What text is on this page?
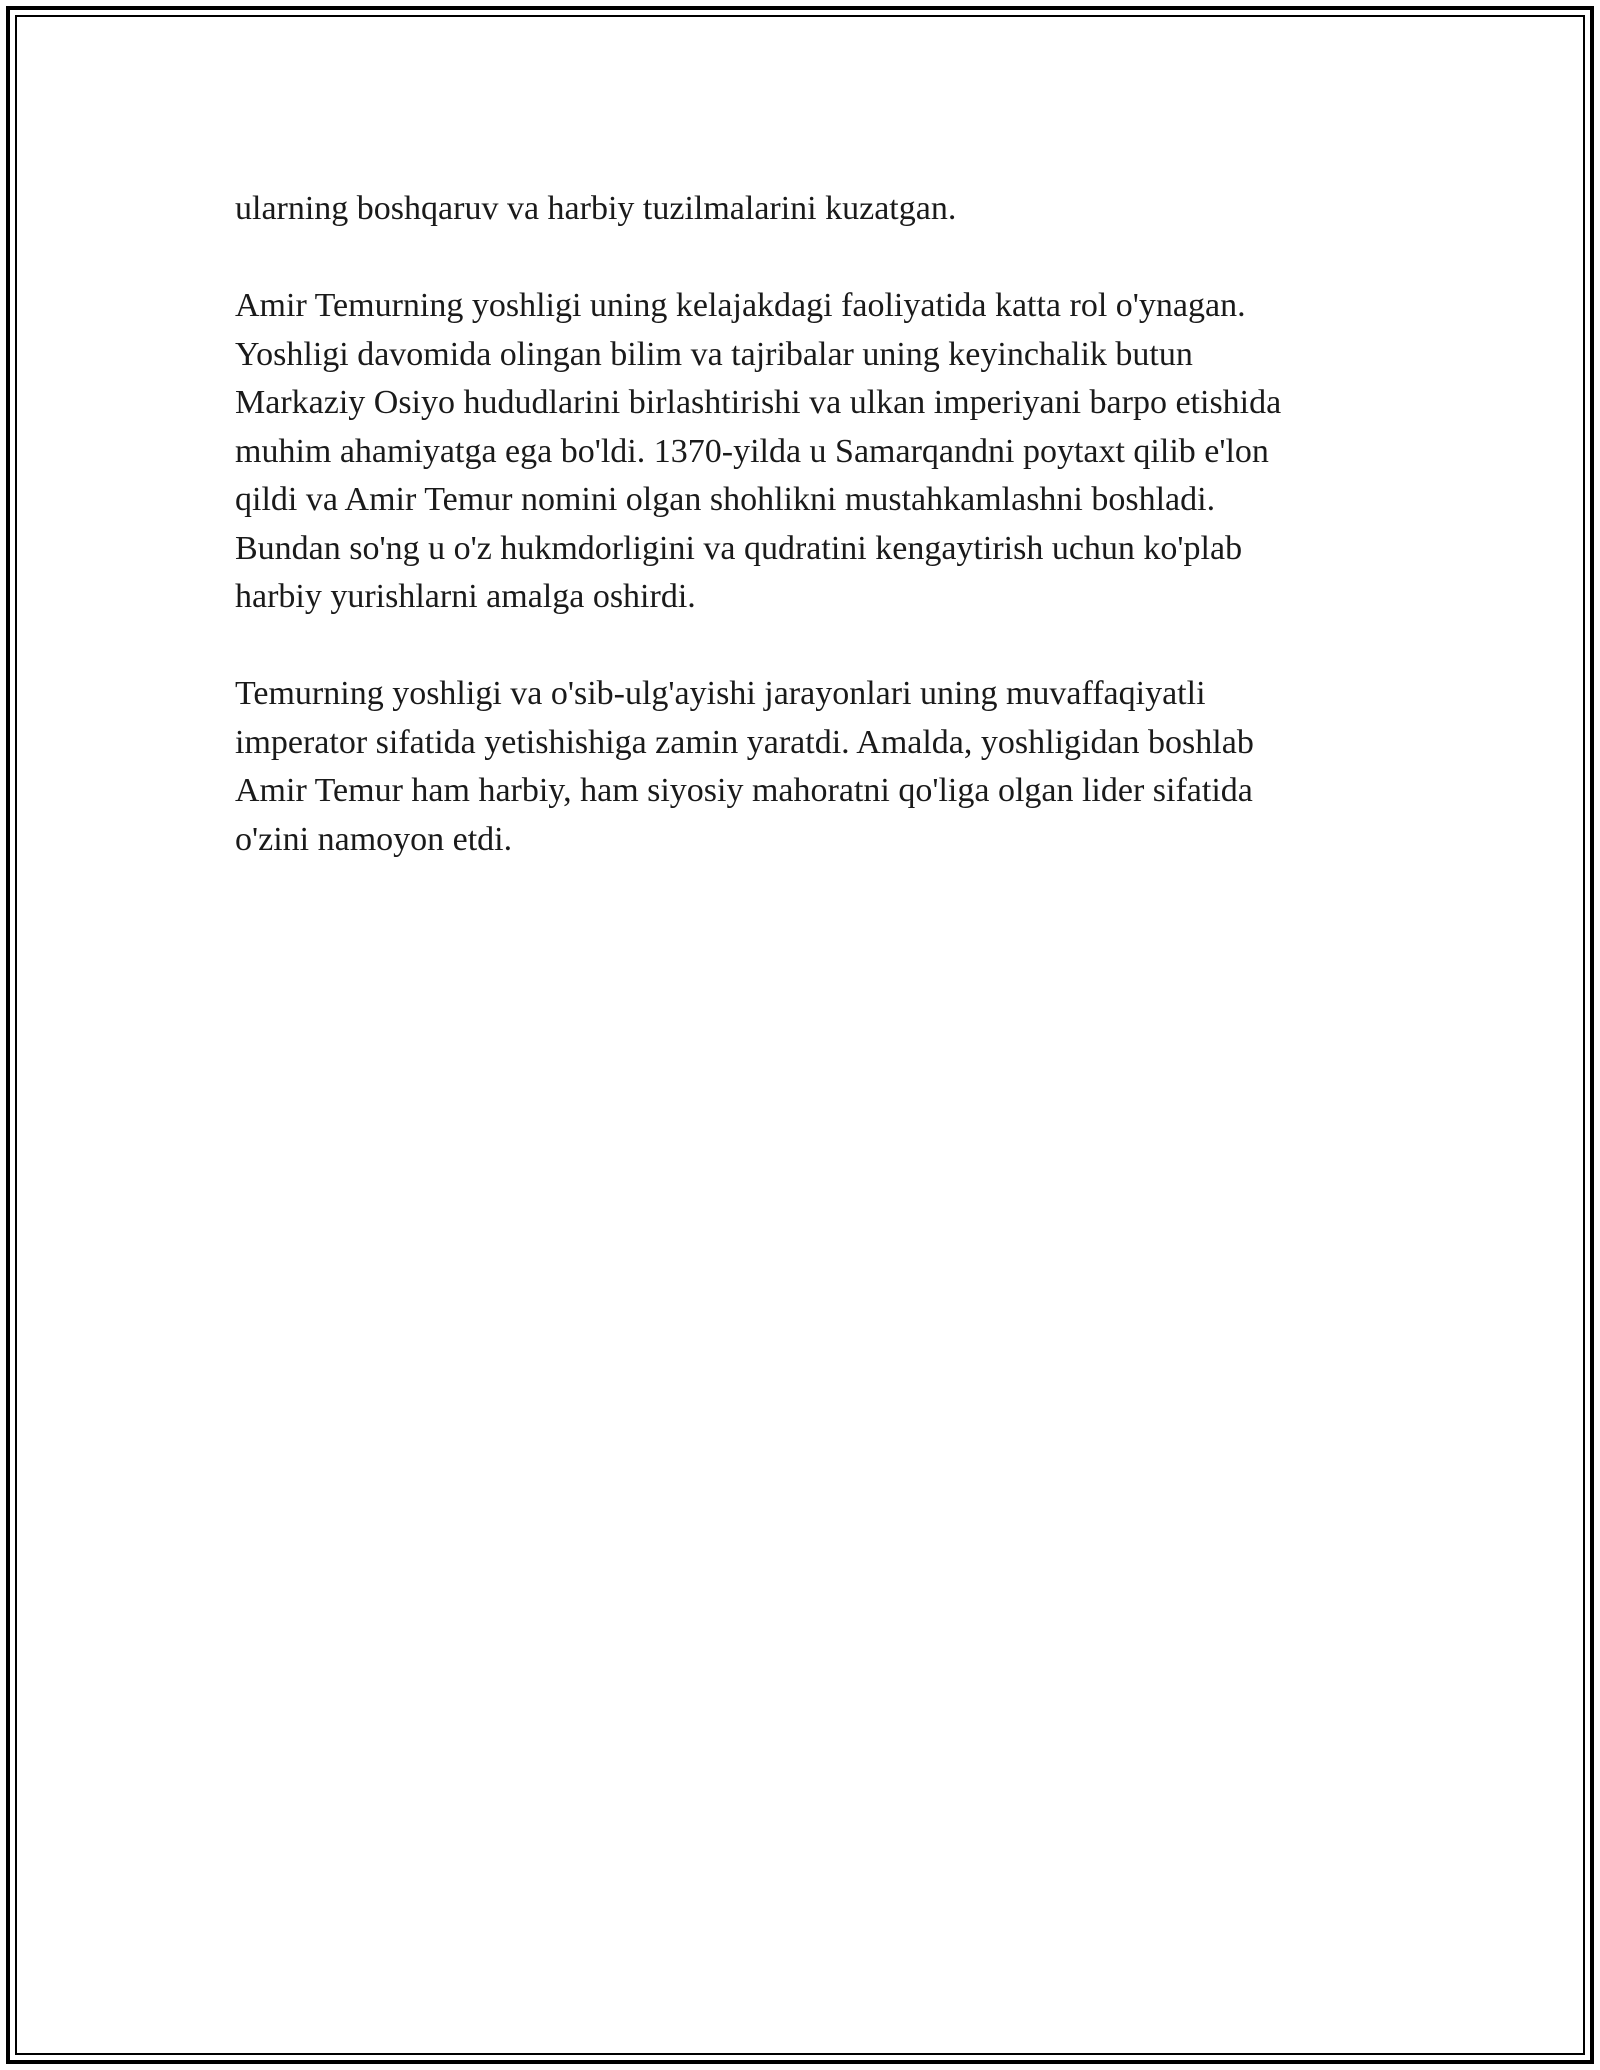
ularning boshqaruv va harbiy tuzilmalarini kuzatgan.

Amir Temurning yoshligi uning kelajakdagi faoliyatida katta rol o'ynagan.
Yoshligi davomida olingan bilim va tajribalar uning keyinchalik butun
Markaziy Osiyo hududlarini birlashtirishi va ulkan imperiyani barpo etishida
muhim ahamiyatga ega bo'ldi. 1370-yilda u Samarqandni poytaxt qilib e'lon
qildi va Amir Temur nomini olgan shohlikni mustahkamlashni boshladi.
Bundan so'ng u o'z hukmdorligini va qudratini kengaytirish uchun ko'plab
harbiy yurishlarni amalga oshirdi.

Temurning yoshligi va o'sib-ulg'ayishi jarayonlari uning muvaffaqiyatli
imperator sifatida yetishishiga zamin yaratdi. Amalda, yoshligidan boshlab
Amir Temur ham harbiy, ham siyosiy mahoratni qo'liga olgan lider sifatida
o'zini namoyon etdi.
